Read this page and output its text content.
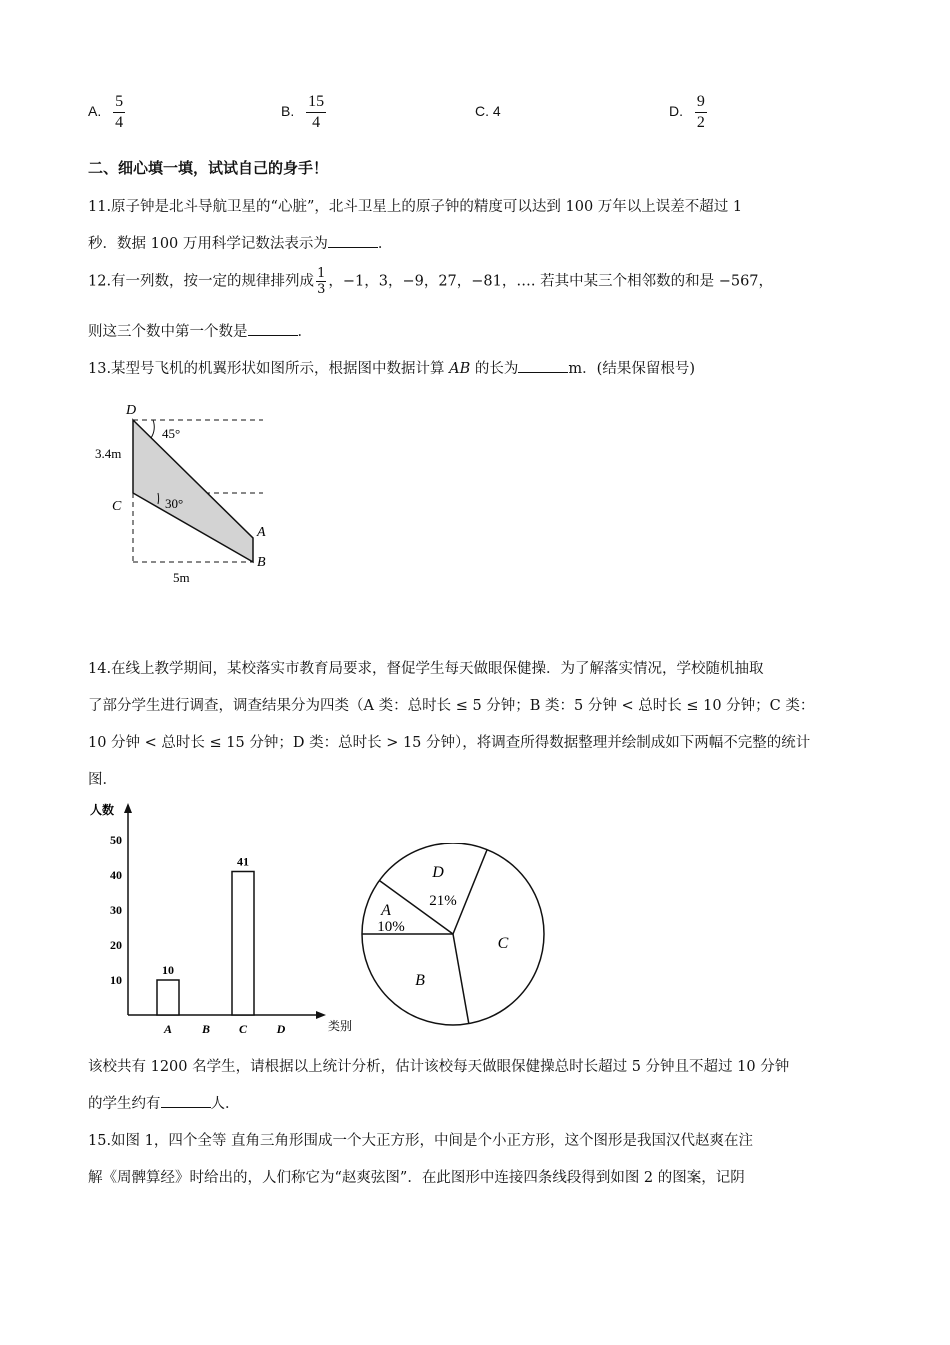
A. $\frac{5}{4}$	B. $\frac{15}{4}$	C. 4	D. $\frac{9}{2}$
二、细心填一填，试试自己的身手！
11.原子钟是北斗导航卫星的“心脏”，北斗卫星上的原子钟的精度可以达到 100 万年以上误差不超过 1
秒．数据 100 万用科学记数法表示为	．
12.有一列数，按一定的规律排列成 $\frac{1}{3}$ ，−1，3，−9，27，−81，…. 若其中某三个相邻数的和是 −567，
则这三个数中第一个数是	．
13.某型号飞机的机翼形状如图所示，根据图中数据计算 AB 的长为	m．(结果保留根号)
D
C
A
B
45°
30°
3.4m
5m
14.在线上教学期间，某校落实市教育局要求，督促学生每天做眼保健操．为了解落实情况，学校随机抽取
了部分学生进行调查，调查结果分为四类（A 类：总时长 ≤ 5 分钟；B 类：5 分钟 < 总时长 ≤ 10 分钟；C 类：
10 分钟 < 总时长 ≤ 15 分钟；D 类：总时长 > 15 分钟），将调查所得数据整理并绘制成如下两幅不完整的统计
图．
人数
类别
10
20
30
40
50
A
10
B C
41
D
A
10%
D
21%
C
B
该校共有 1200 名学生，请根据以上统计分析，估计该校每天做眼保健操总时长超过 5 分钟且不超过 10 分钟
的学生约有	人．
15.如图 1，四个全等 直角三角形围成一个大正方形，中间是个小正方形，这个图形是我国汉代赵爽在注
解《周髀算经》时给出的，人们称它为“赵爽弦图”．在此图形中连接四条线段得到如图 2 的图案，记阴
